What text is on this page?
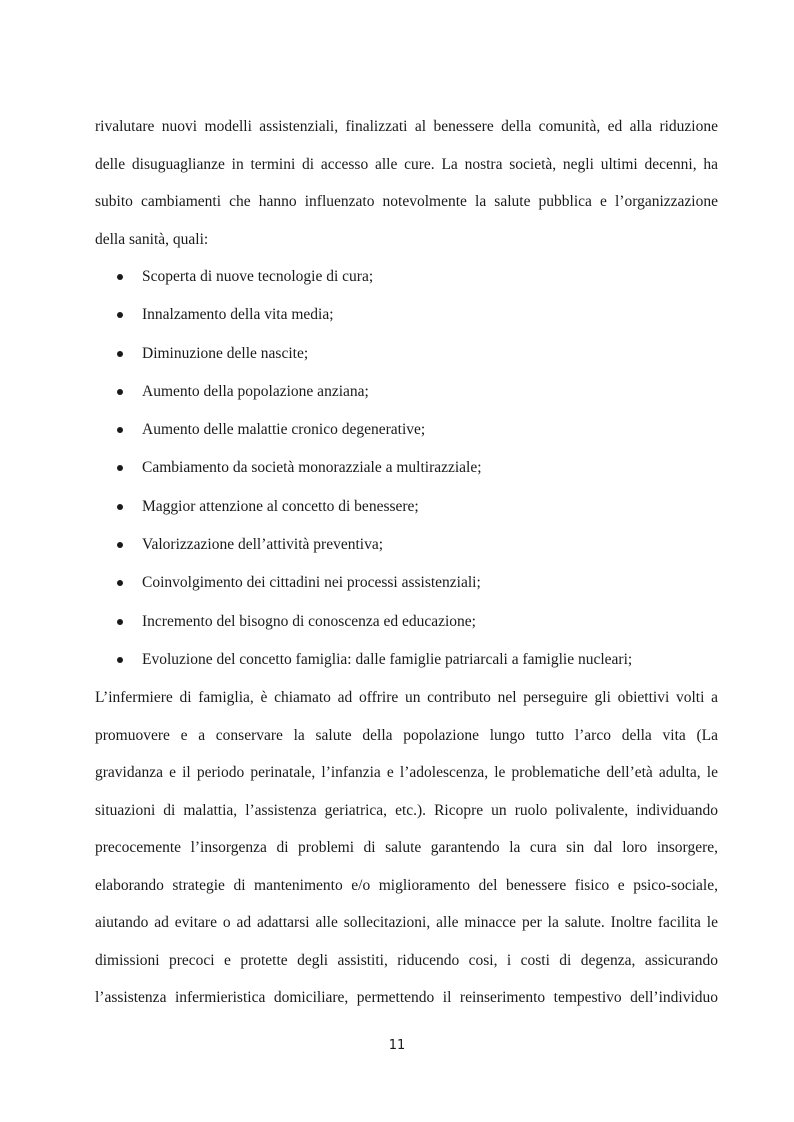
rivalutare nuovi modelli assistenziali, finalizzati al benessere della comunità, ed alla riduzione
delle disuguaglianze in termini di accesso alle cure. La nostra società, negli ultimi decenni, ha
subito cambiamenti che hanno influenzato notevolmente la salute pubblica e l’organizzazione
della sanità, quali:

Scoperta di nuove tecnologie di cura;
Innalzamento della vita media;
Diminuzione delle nascite;
Aumento della popolazione anziana;
Aumento delle malattie cronico degenerative;
Cambiamento da società monorazziale a multirazziale;
Maggior attenzione al concetto di benessere;
Valorizzazione dell’attività preventiva;
Coinvolgimento dei cittadini nei processi assistenziali;
Incremento del bisogno di conoscenza ed educazione;
Evoluzione del concetto famiglia: dalle famiglie patriarcali a famiglie nucleari;

L’infermiere di famiglia, è chiamato ad offrire un contributo nel perseguire gli obiettivi volti a
promuovere e a conservare la salute della popolazione lungo tutto l’arco della vita (La
gravidanza e il periodo perinatale, l’infanzia e l’adolescenza, le problematiche dell’età adulta, le
situazioni di malattia, l’assistenza geriatrica, etc.). Ricopre un ruolo polivalente, individuando
precocemente l’insorgenza di problemi di salute garantendo la cura sin dal loro insorgere,
elaborando strategie di mantenimento e/o miglioramento del benessere fisico e psico-sociale,
aiutando ad evitare o ad adattarsi alle sollecitazioni, alle minacce per la salute. Inoltre facilita le
dimissioni precoci e protette degli assistiti, riducendo cosi, i costi di degenza, assicurando
l’assistenza infermieristica domiciliare, permettendo il reinserimento tempestivo dell’individuo

11
